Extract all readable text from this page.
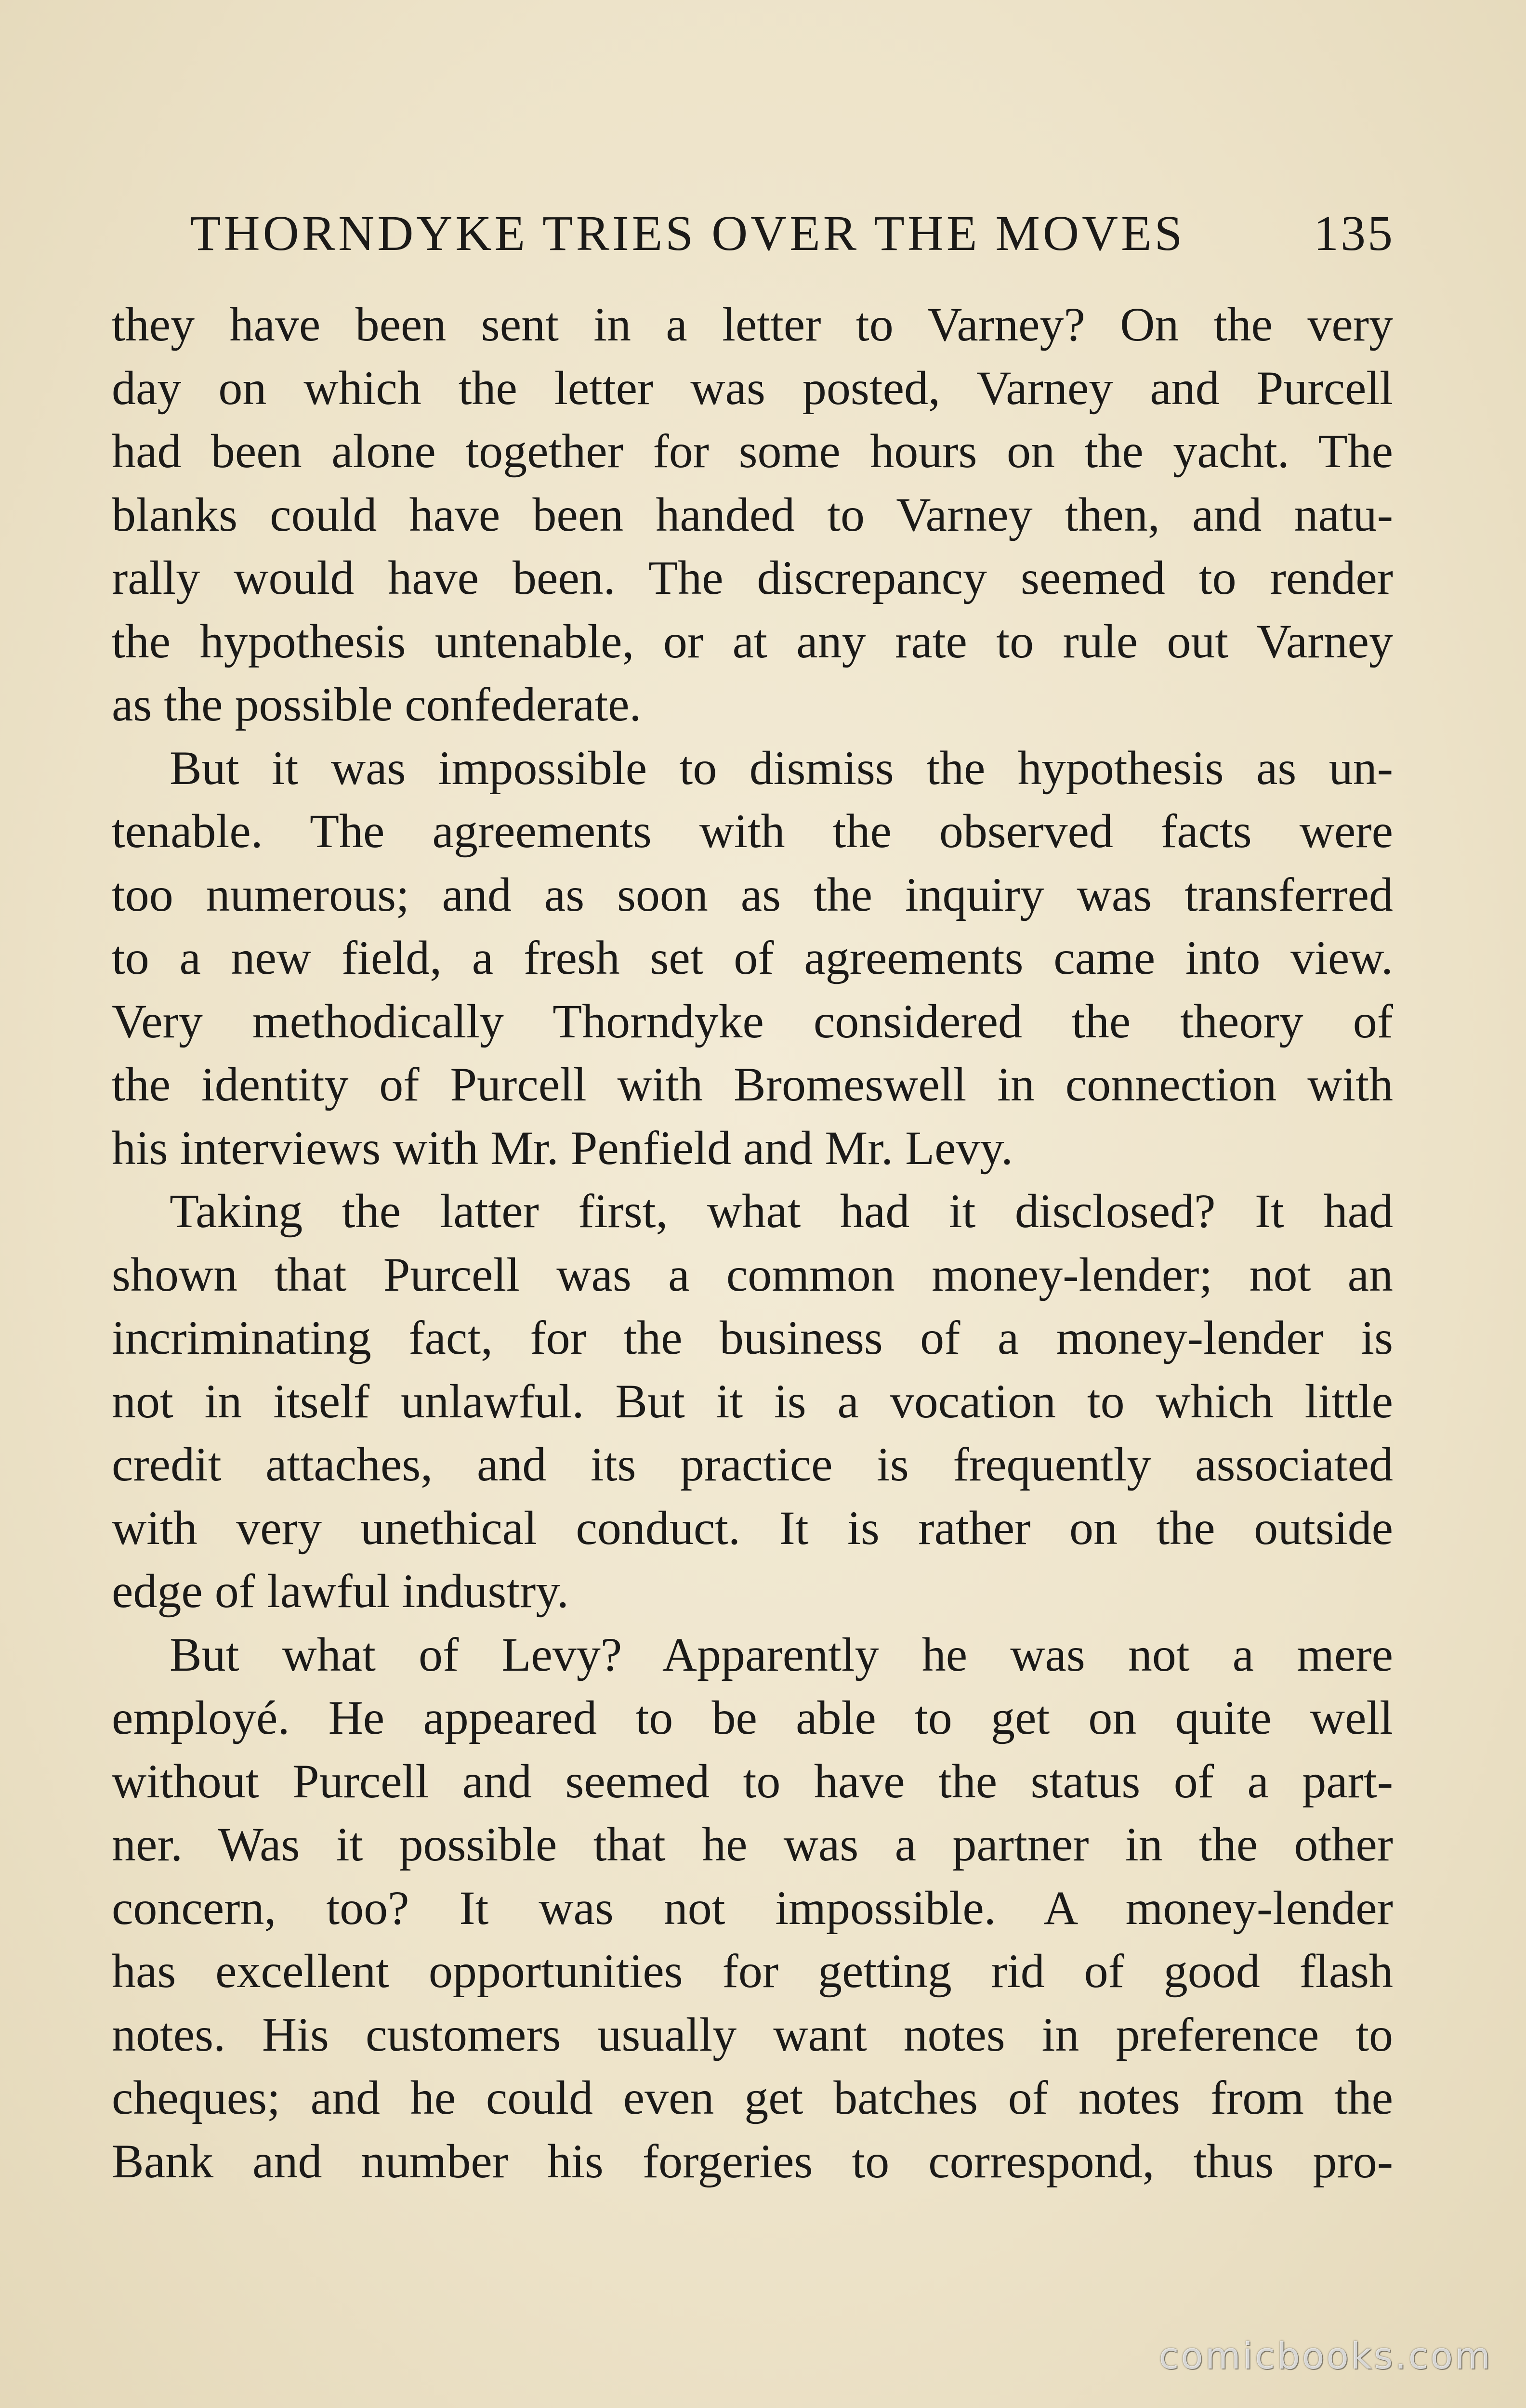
THORNDYKE TRIES OVER THE MOVES	135
they have been sent in a letter to Varney? On the very
day on which the letter was posted, Varney and Purcell
had been alone together for some hours on the yacht. The
blanks could have been handed to Varney then, and natu-
rally would have been. The discrepancy seemed to render
the hypothesis untenable, or at any rate to rule out Varney
as the possible confederate.
But it was impossible to dismiss the hypothesis as un-
tenable. The agreements with the observed facts were
too numerous; and as soon as the inquiry was transferred
to a new field, a fresh set of agreements came into view.
Very methodically Thorndyke considered the theory of
the identity of Purcell with Bromeswell in connection with
his interviews with Mr. Penfield and Mr. Levy.
Taking the latter first, what had it disclosed? It had
shown that Purcell was a common money-lender; not an
incriminating fact, for the business of a money-lender is
not in itself unlawful. But it is a vocation to which little
credit attaches, and its practice is frequently associated
with very unethical conduct. It is rather on the outside
edge of lawful industry.
But what of Levy? Apparently he was not a mere
employé. He appeared to be able to get on quite well
without Purcell and seemed to have the status of a part-
ner. Was it possible that he was a partner in the other
concern, too? It was not impossible. A money-lender
has excellent opportunities for getting rid of good flash
notes. His customers usually want notes in preference to
cheques; and he could even get batches of notes from the
Bank and number his forgeries to correspond, thus pro-
comicbooks.com
